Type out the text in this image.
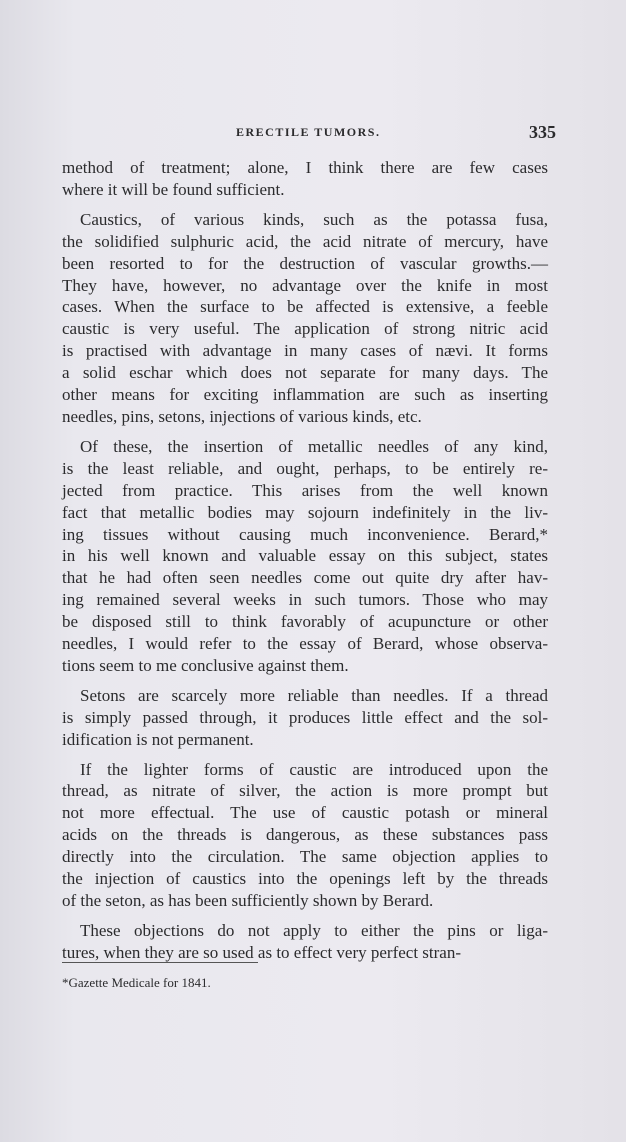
ERECTILE TUMORS.	335
method of treatment; alone, I think there are few cases
where it will be found sufficient.
Caustics, of various kinds, such as the potassa fusa,
the solidified sulphuric acid, the acid nitrate of mercury, have
been resorted to for the destruction of vascular growths.—
They have, however, no advantage over the knife in most
cases. When the surface to be affected is extensive, a feeble
caustic is very useful. The application of strong nitric acid
is practised with advantage in many cases of nævi. It forms
a solid eschar which does not separate for many days. The
other means for exciting inflammation are such as inserting
needles, pins, setons, injections of various kinds, etc.
Of these, the insertion of metallic needles of any kind,
is the least reliable, and ought, perhaps, to be entirely re-
jected from practice. This arises from the well known
fact that metallic bodies may sojourn indefinitely in the liv-
ing tissues without causing much inconvenience. Berard,*
in his well known and valuable essay on this subject, states
that he had often seen needles come out quite dry after hav-
ing remained several weeks in such tumors. Those who may
be disposed still to think favorably of acupuncture or other
needles, I would refer to the essay of Berard, whose observa-
tions seem to me conclusive against them.
Setons are scarcely more reliable than needles. If a thread
is simply passed through, it produces little effect and the sol-
idification is not permanent.
If the lighter forms of caustic are introduced upon the
thread, as nitrate of silver, the action is more prompt but
not more effectual. The use of caustic potash or mineral
acids on the threads is dangerous, as these substances pass
directly into the circulation. The same objection applies to
the injection of caustics into the openings left by the threads
of the seton, as has been sufficiently shown by Berard.
These objections do not apply to either the pins or liga-
tures, when they are so used as to effect very perfect stran-
*Gazette Medicale for 1841.
